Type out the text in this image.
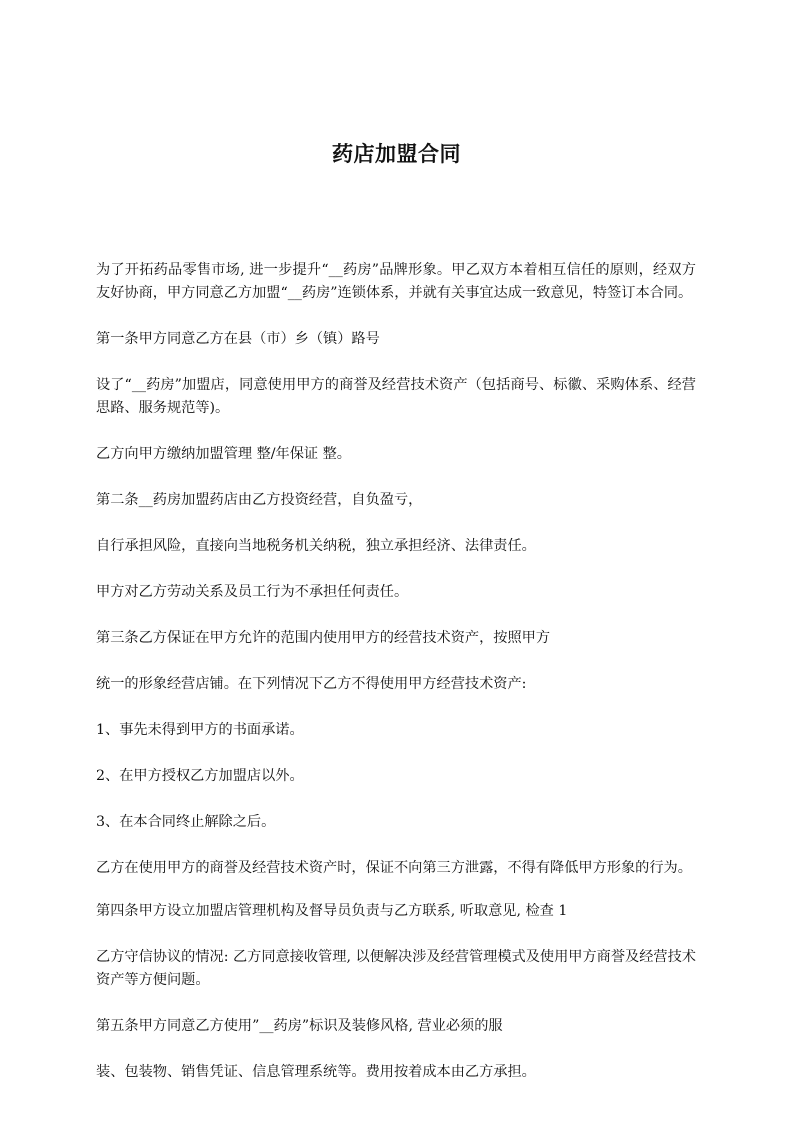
药店加盟合同

为了开拓药品零售市场, 进一步提升“__药房”品牌形象。甲乙双方本着相互信任的原则，经双方友好协商，甲方同意乙方加盟“__药房”连锁体系，并就有关事宜达成一致意见，特签订本合同。

第一条甲方同意乙方在县（市）乡（镇）路号

设了“__药房”加盟店，同意使用甲方的商誉及经营技术资产（包括商号、标徽、采购体系、经营思路、服务规范等)。

乙方向甲方缴纳加盟管理 整/年保证 整。

第二条__药房加盟药店由乙方投资经营，自负盈亏，

自行承担风险，直接向当地税务机关纳税，独立承担经济、法律责任。

甲方对乙方劳动关系及员工行为不承担任何责任。

第三条乙方保证在甲方允许的范围内使用甲方的经营技术资产，按照甲方

统一的形象经营店铺。在下列情况下乙方不得使用甲方经营技术资产:

1、事先未得到甲方的书面承诺。

2、在甲方授权乙方加盟店以外。

3、在本合同终止解除之后。

乙方在使用甲方的商誉及经营技术资产时，保证不向第三方泄露，不得有降低甲方形象的行为。

第四条甲方设立加盟店管理机构及督导员负责与乙方联系, 听取意见, 检查 1

乙方守信协议的情况: 乙方同意接收管理, 以便解决涉及经营管理模式及使用甲方商誉及经营技术资产等方便问题。

第五条甲方同意乙方使用”__药房”标识及装修风格, 营业必须的服

装、包装物、销售凭证、信息管理系统等。费用按着成本由乙方承担。
